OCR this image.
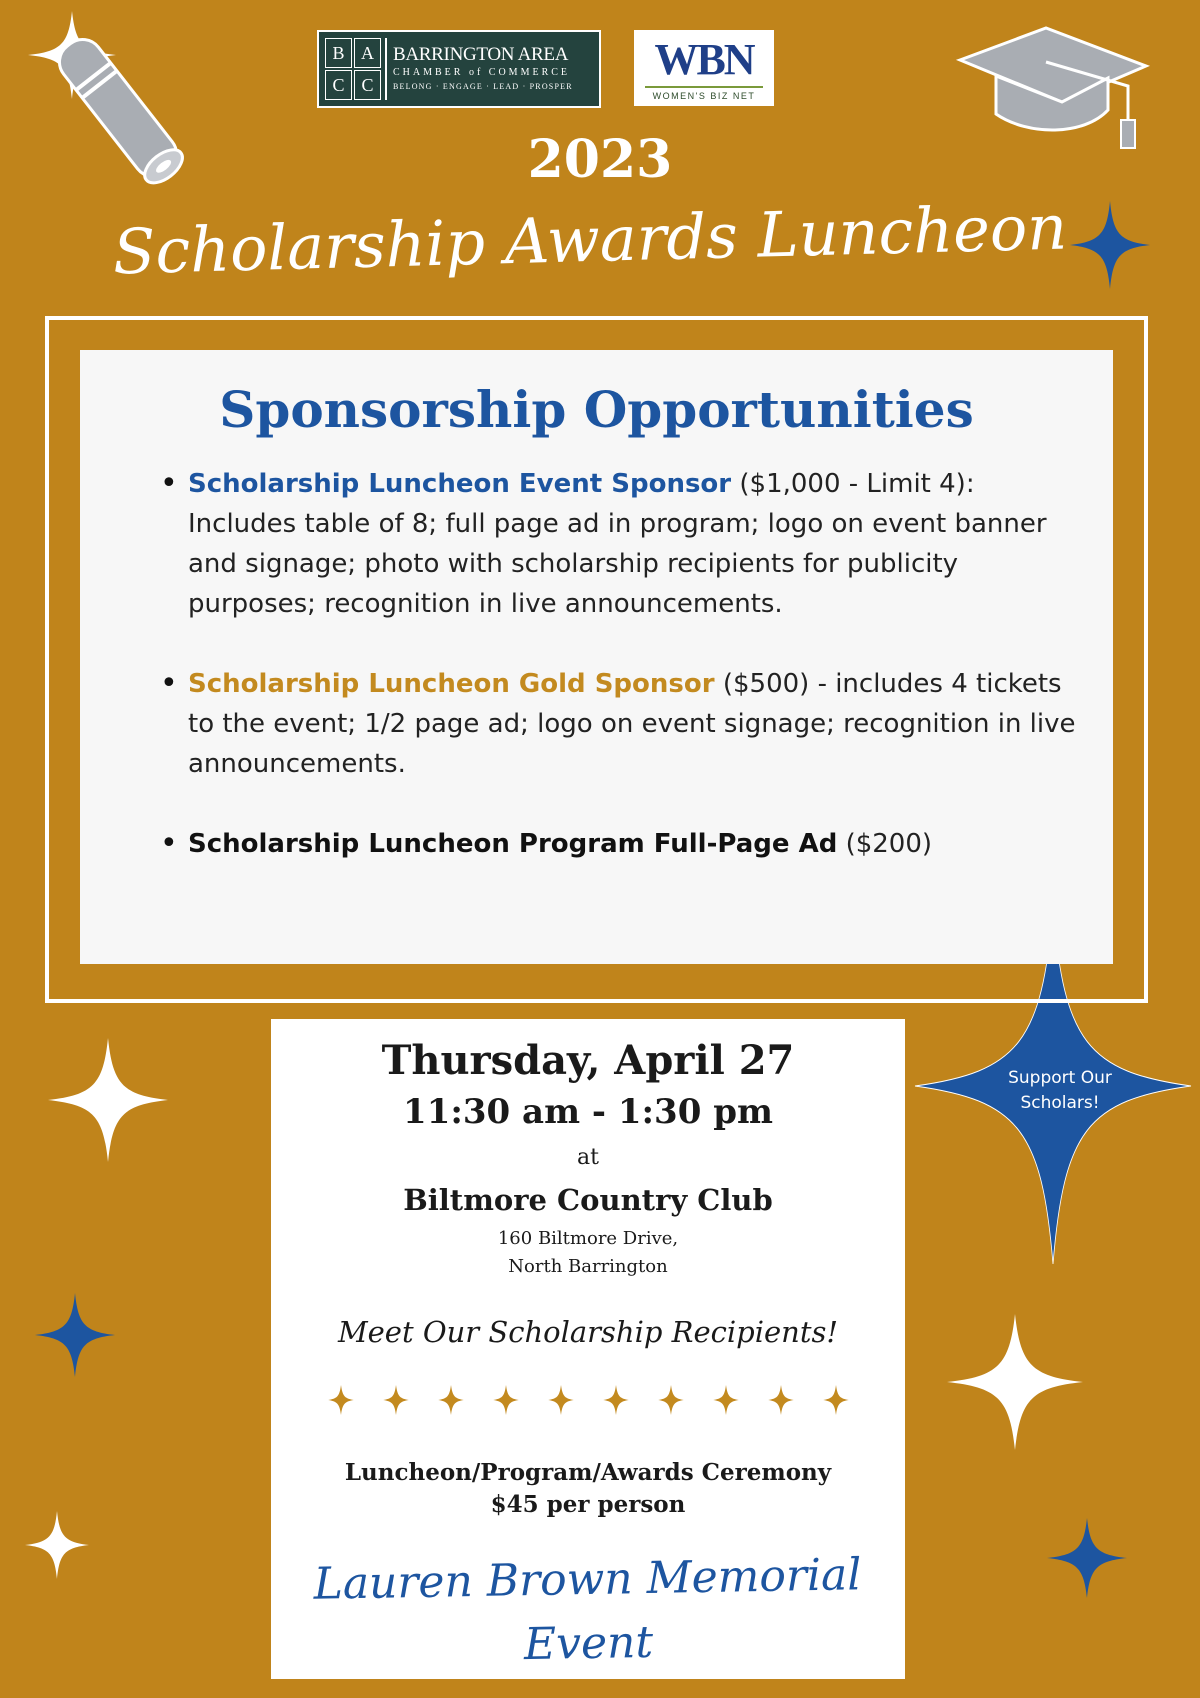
B A
C C
BARRINGTON AREA
CHAMBER of COMMERCE
BELONG · ENGAGE · LEAD · PROSPER
WBN
WOMEN'S BIZ NET
2023
Scholarship Awards Luncheon
Sponsorship Opportunities
• Scholarship Luncheon Event Sponsor ($1,000 - Limit 4): Includes table of 8; full page ad in program; logo on event banner and signage; photo with scholarship recipients for publicity purposes; recognition in live announcements.
• Scholarship Luncheon Gold Sponsor ($500) - includes 4 tickets to the event; 1/2 page ad; logo on event signage; recognition in live announcements.
• Scholarship Luncheon Program Full-Page Ad ($200)
Thursday, April 27
11:30 am - 1:30 pm
at
Biltmore Country Club
160 Biltmore Drive,
North Barrington
Meet Our Scholarship Recipients!
Luncheon/Program/Awards Ceremony
$45 per person
Lauren Brown Memorial Event
Support Our Scholars!
